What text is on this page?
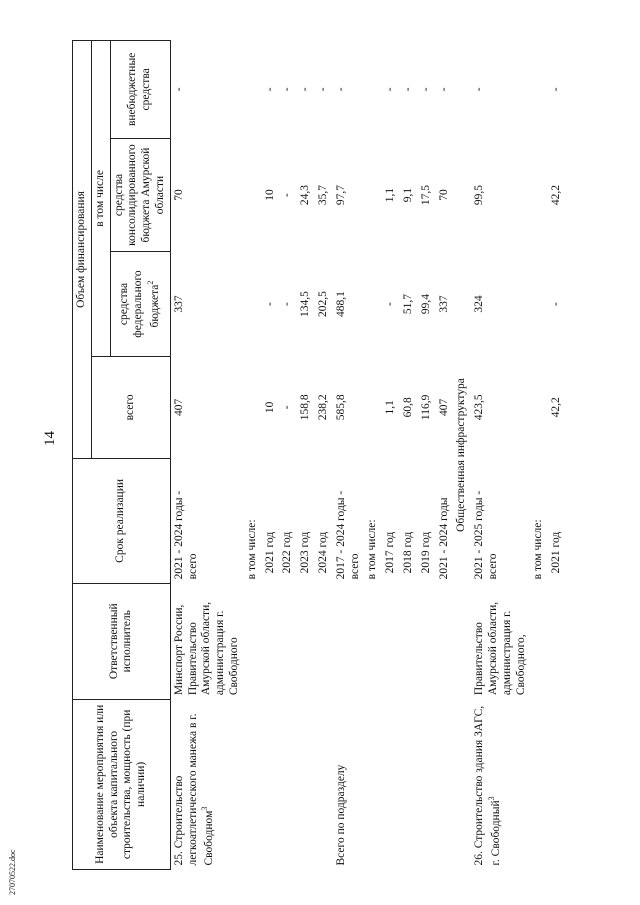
14
27070522.doc
Наименование мероприятия или объекта капитального строительства, мощность (при наличии)	Ответственный исполнитель	Срок реализации	Объем финансирования			
			всего	в том числе		
				средства федерального бюджета$^2$	средства консолидированного бюджета Амурской области	внебюджетные средства
25. Строительство легкоатлетического манежа в г. Свободном$^3$	Минспорт России, Правительство Амурской области, администрация г. Свободного	2021 - 2024 годы - всего	407	337	70	-
		в том числе:				
		2021 год	10	-	10	-
		2022 год	-	-	-	-
		2023 год	158,8	134,5	24,3	-
		2024 год	238,2	202,5	35,7	-
Всего по подразделу		2017 - 2024 годы - всего	585,8	488,1	97,7	-
		в том числе:				
		2017 год	1,1	-	1,1	-
		2018 год	60,8	51,7	9,1	-
		2019 год	116,9	99,4	17,5	-
		2021 - 2024 годы	407	337	70	-
Общественная инфраструктура						
26. Строительство здания ЗАГС, г. Свободный$^3$	Правительство Амурской области, администрация г. Свободного,	2021 - 2025 годы - всего	423,5	324	99,5	-
		в том числе:				
		2021 год	42,2	-	42,2	-
